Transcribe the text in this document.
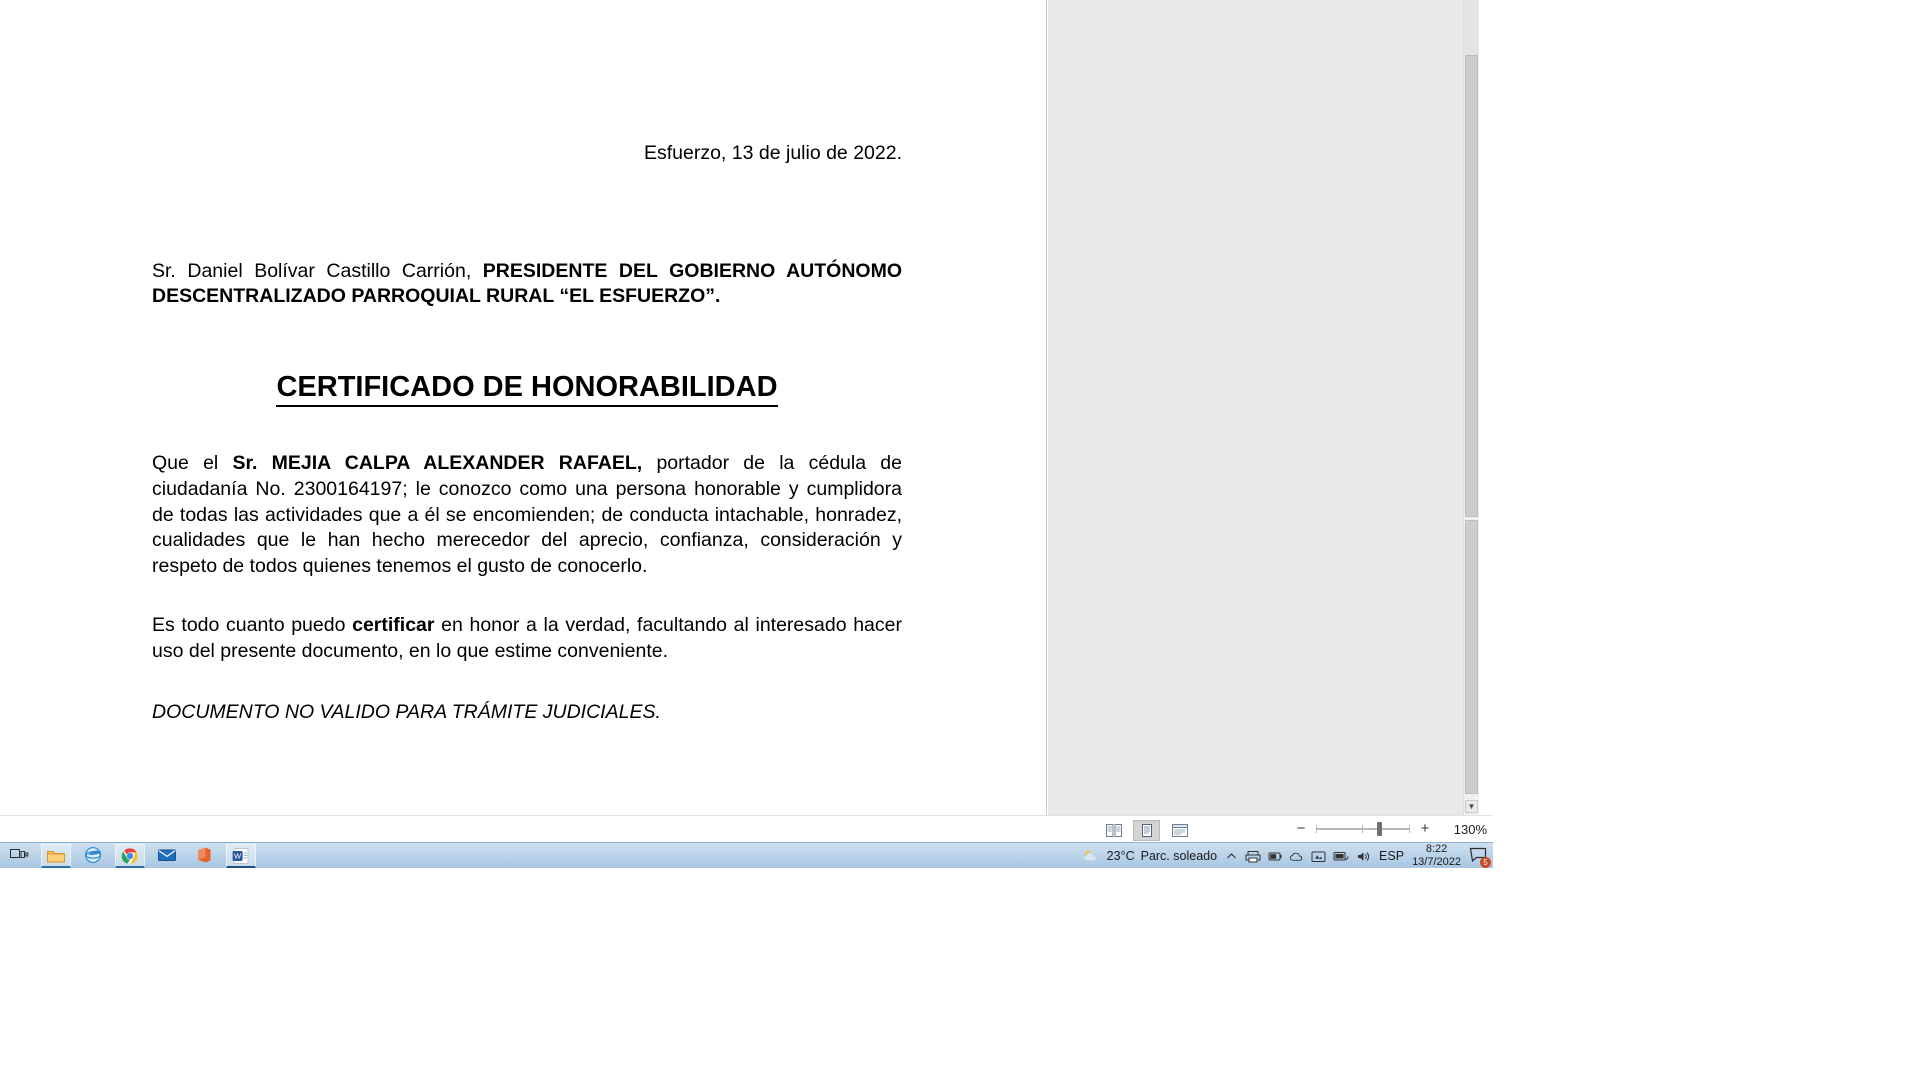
Esfuerzo, 13 de julio de 2022.
Sr. Daniel Bolívar Castillo Carrión, PRESIDENTE DEL GOBIERNO AUTÓNOMO DESCENTRALIZADO PARROQUIAL RURAL “EL ESFUERZO”.
CERTIFICADO DE HONORABILIDAD
Que el Sr. MEJIA CALPA ALEXANDER RAFAEL, portador de la cédula de ciudadanía No. 2300164197; le conozco como una persona honorable y cumplidora de todas las actividades que a él se encomienden; de conducta intachable, honradez, cualidades que le han hecho merecedor del aprecio, confianza, consideración y respeto de todos quienes tenemos el gusto de conocerlo.
Es todo cuanto puedo certificar en honor a la verdad, facultando al interesado hacer uso del presente documento, en lo que estime conveniente.
DOCUMENTO NO VALIDO PARA TRÁMITE JUDICIALES.
▼
−	+ 130%
W	23°C Parc. soleado	ESP	8:22
13/7/2022	5
